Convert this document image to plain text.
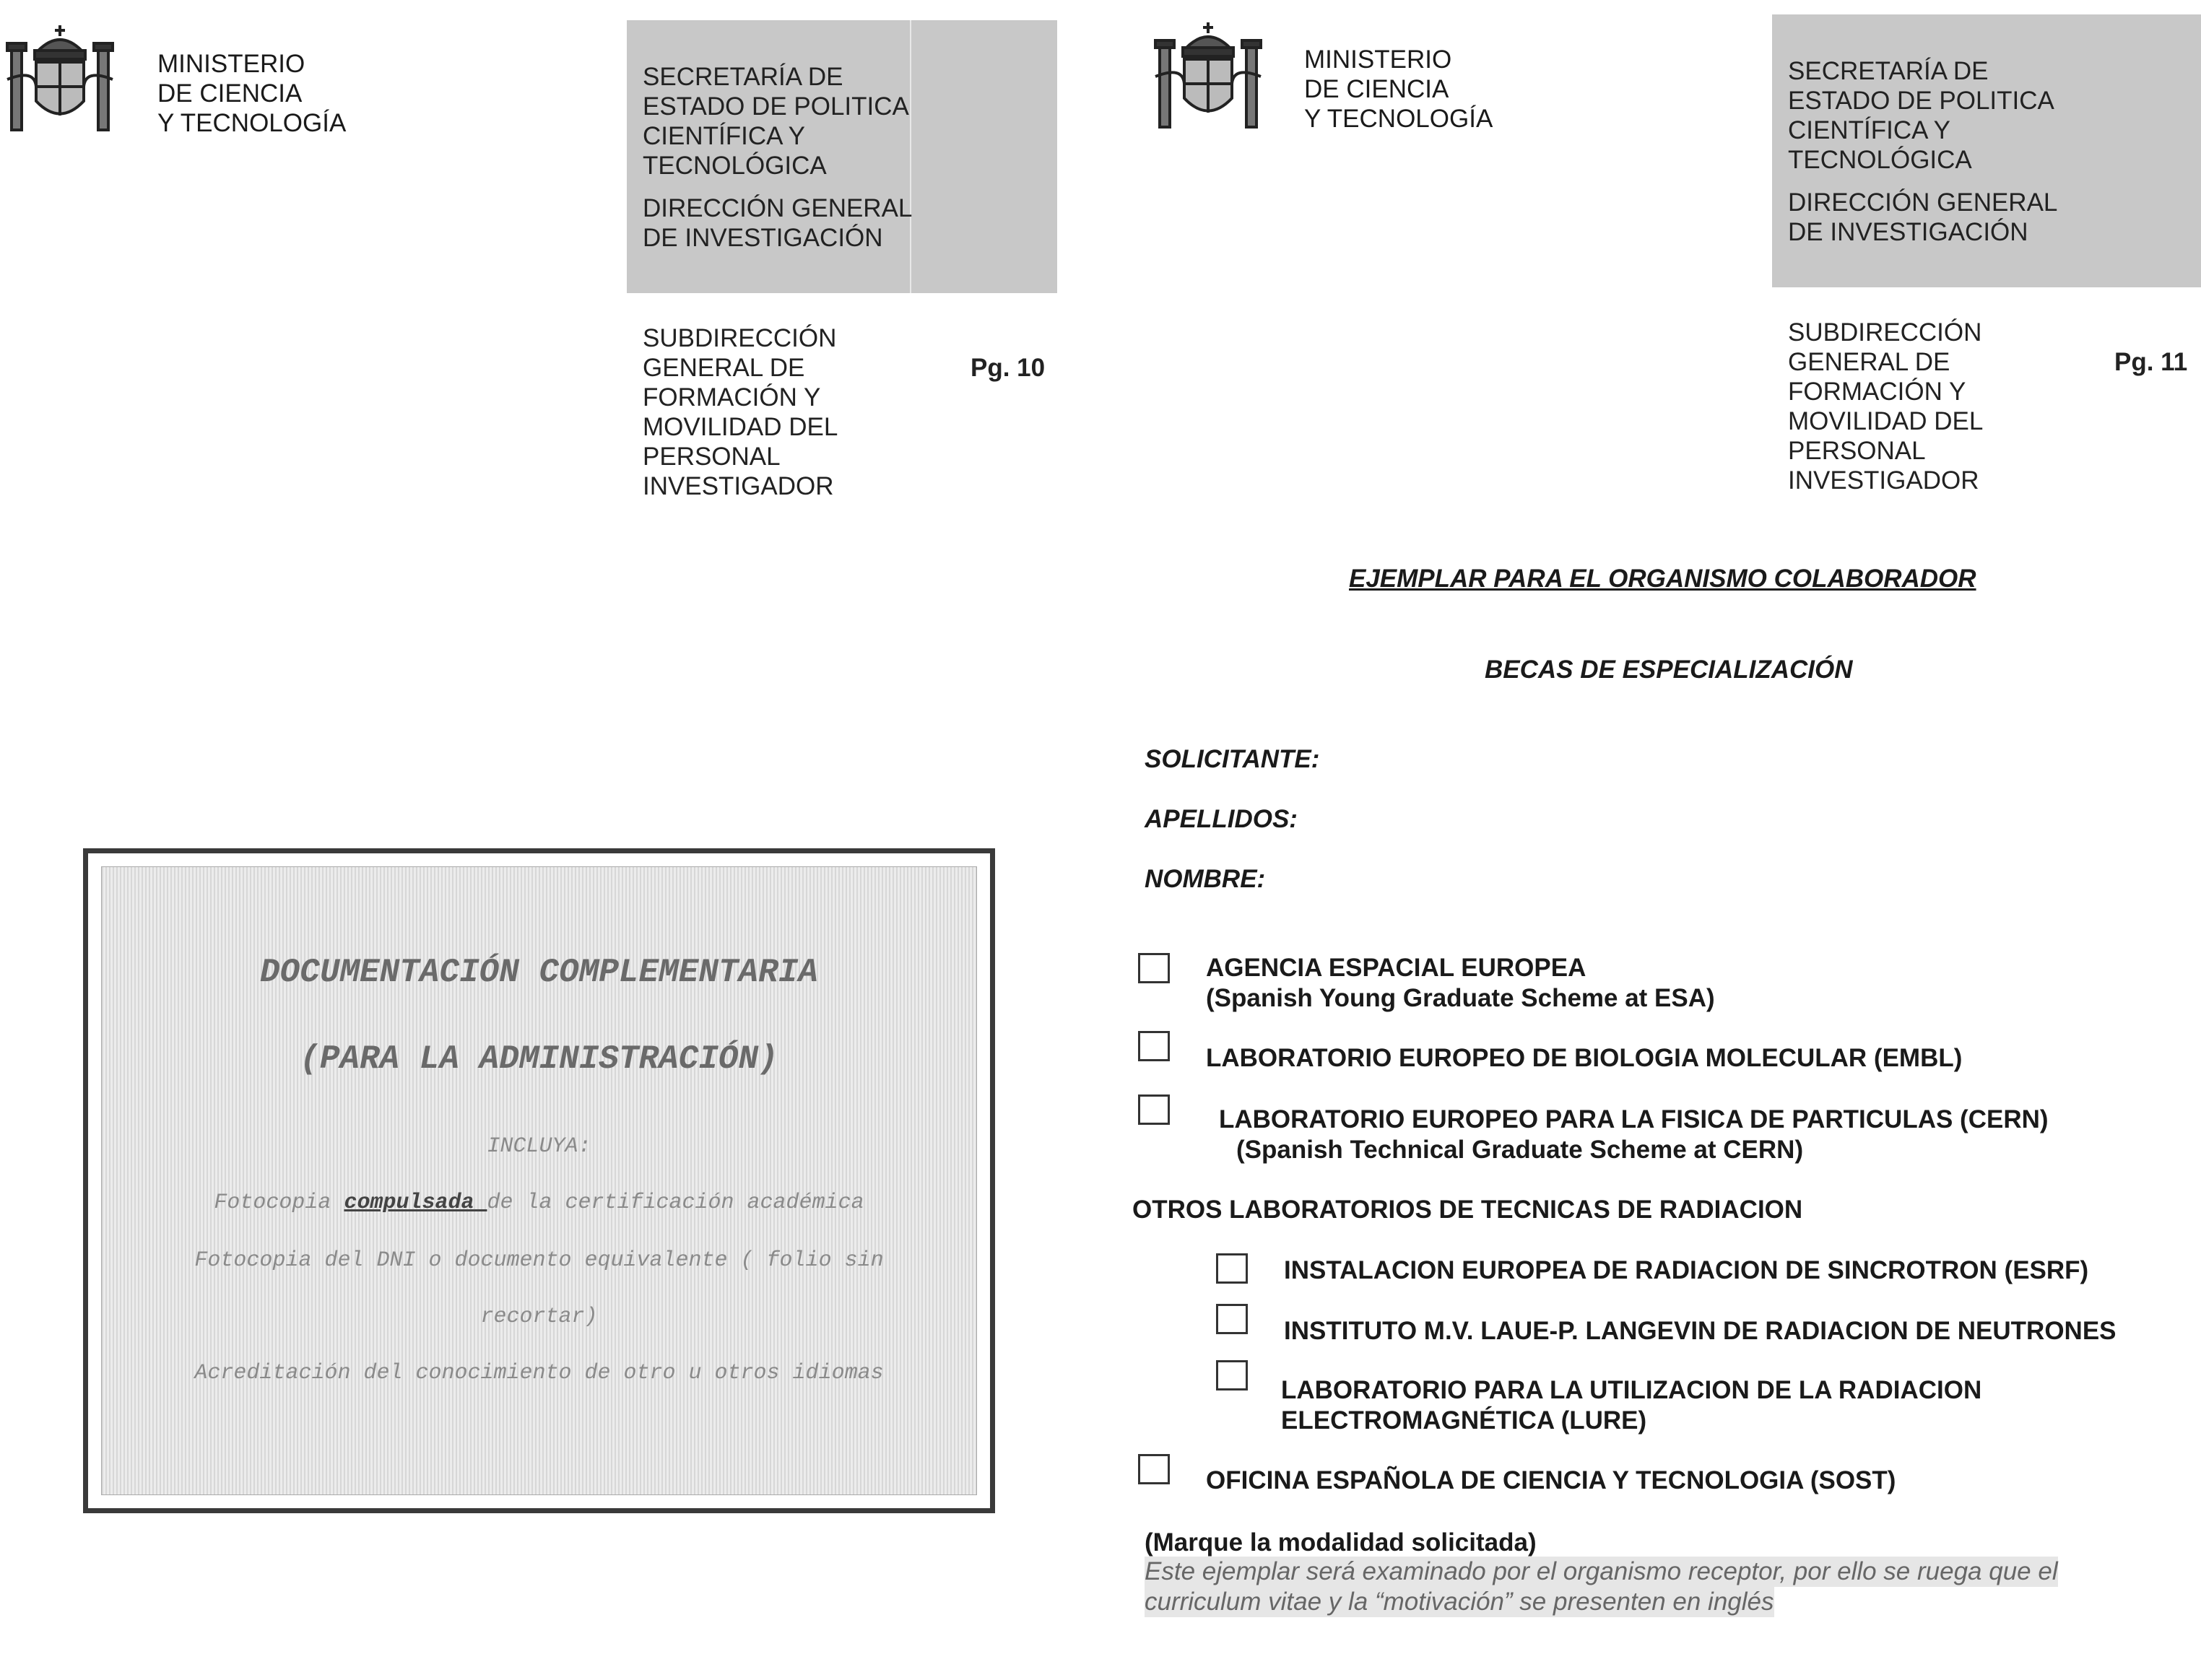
MINISTERIO
DE CIENCIA
Y TECNOLOGÍA
SECRETARÍA DE
ESTADO DE POLITICA
CIENTÍFICA Y
TECNOLÓGICA
DIRECCIÓN GENERAL
DE INVESTIGACIÓN
SUBDIRECCIÓN
GENERAL DE
FORMACIÓN Y
MOVILIDAD DEL
PERSONAL
INVESTIGADOR
Pg. 10
DOCUMENTACIÓN COMPLEMENTARIA
(PARA LA ADMINISTRACIÓN)
INCLUYA:
Fotocopia compulsada de la certificación académica
Fotocopia del DNI o documento equivalente ( folio sin
recortar)
Acreditación del conocimiento de otro u otros idiomas
MINISTERIO
DE CIENCIA
Y TECNOLOGÍA
SECRETARÍA DE
ESTADO DE POLITICA
CIENTÍFICA Y
TECNOLÓGICA
DIRECCIÓN GENERAL
DE INVESTIGACIÓN
SUBDIRECCIÓN
GENERAL DE
FORMACIÓN Y
MOVILIDAD DEL
PERSONAL
INVESTIGADOR
Pg. 11
EJEMPLAR PARA EL ORGANISMO COLABORADOR
BECAS DE ESPECIALIZACIÓN
SOLICITANTE:
APELLIDOS:
NOMBRE:
AGENCIA ESPACIAL EUROPEA
(Spanish Young Graduate Scheme at ESA)
LABORATORIO EUROPEO DE BIOLOGIA MOLECULAR (EMBL)
LABORATORIO EUROPEO PARA LA FISICA DE PARTICULAS (CERN)
(Spanish Technical Graduate Scheme at CERN)
OTROS LABORATORIOS DE TECNICAS DE RADIACION
INSTALACION EUROPEA DE RADIACION DE SINCROTRON (ESRF)
INSTITUTO M.V. LAUE-P. LANGEVIN DE RADIACION DE NEUTRONES
LABORATORIO PARA LA UTILIZACION DE LA RADIACION
ELECTROMAGNÉTICA (LURE)
OFICINA ESPAÑOLA DE CIENCIA Y TECNOLOGIA (SOST)
(Marque la modalidad solicitada)
Este ejemplar será examinado por el organismo receptor, por ello se ruega que el
curriculum vitae y la “motivación” se presenten en inglés
